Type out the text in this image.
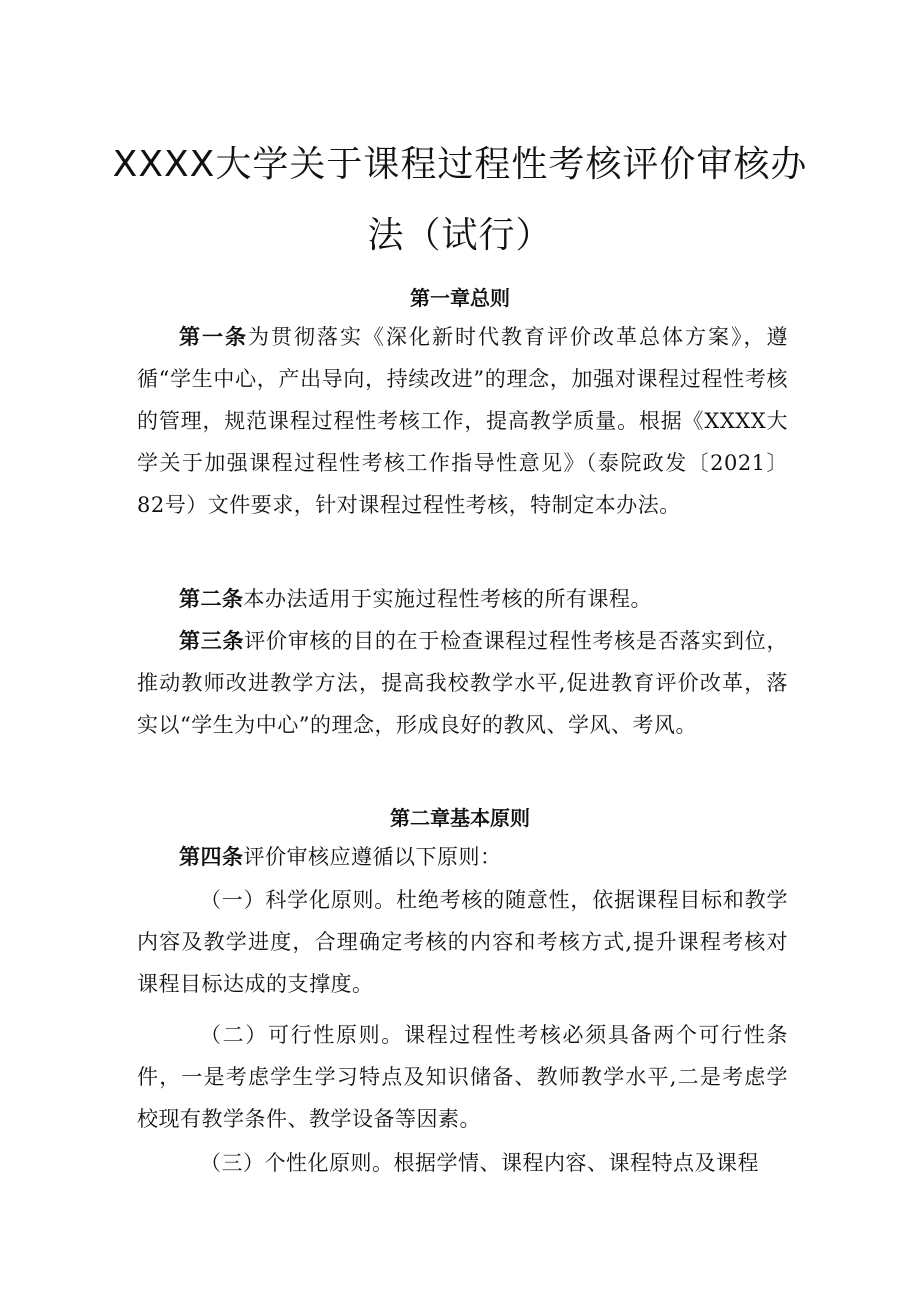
XXXX大学关于课程过程性考核评价审核办
法（试行）
第一章总则
第一条为贯彻落实《深化新时代教育评价改革总体方案》，遵循“学生中心，产出导向，持续改进”的理念，加强对课程过程性考核的管理，规范课程过程性考核工作，提高教学质量。根据《XXXX大学关于加强课程过程性考核工作指导性意见》（泰院政发〔2021〕82号）文件要求，针对课程过程性考核，特制定本办法。
第二条本办法适用于实施过程性考核的所有课程。
第三条评价审核的目的在于检查课程过程性考核是否落实到位，推动教师改进教学方法，提高我校教学水平,促进教育评价改革，落实以“学生为中心”的理念，形成良好的教风、学风、考风。
第二章基本原则
第四条评价审核应遵循以下原则：
（一）科学化原则。杜绝考核的随意性，依据课程目标和教学内容及教学进度，合理确定考核的内容和考核方式,提升课程考核对课程目标达成的支撑度。
（二）可行性原则。课程过程性考核必须具备两个可行性条件，一是考虑学生学习特点及知识储备、教师教学水平,二是考虑学校现有教学条件、教学设备等因素。
（三）个性化原则。根据学情、课程内容、课程特点及课程
